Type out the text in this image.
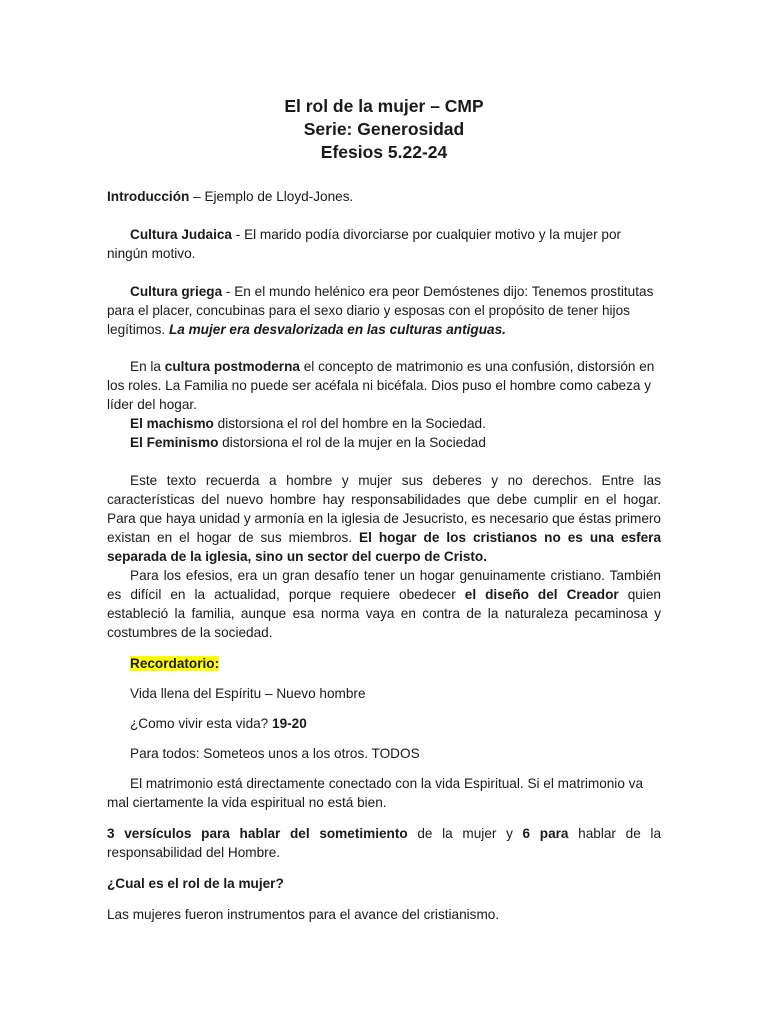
El rol de la mujer – CMP
Serie: Generosidad
Efesios 5.22-24

Introducción – Ejemplo de Lloyd-Jones.

Cultura Judaica - El marido podía divorciarse por cualquier motivo y la mujer por ningún motivo.

Cultura griega - En el mundo helénico era peor Demóstenes dijo: Tenemos prostitutas para el placer, concubinas para el sexo diario y esposas con el propósito de tener hijos legítimos. La mujer era desvalorizada en las culturas antiguas.

En la cultura postmoderna el concepto de matrimonio es una confusión, distorsión en los roles. La Familia no puede ser acéfala ni bicéfala. Dios puso el hombre como cabeza y líder del hogar.
El machismo distorsiona el rol del hombre en la Sociedad.
El Feminismo distorsiona el rol de la mujer en la Sociedad

Este texto recuerda a hombre y mujer sus deberes y no derechos. Entre las características del nuevo hombre hay responsabilidades que debe cumplir en el hogar. Para que haya unidad y armonía en la iglesia de Jesucristo, es necesario que éstas primero existan en el hogar de sus miembros. El hogar de los cristianos no es una esfera separada de la iglesia, sino un sector del cuerpo de Cristo.
Para los efesios, era un gran desafío tener un hogar genuinamente cristiano. También es difícil en la actualidad, porque requiere obedecer el diseño del Creador quien estableció la familia, aunque esa norma vaya en contra de la naturaleza pecaminosa y costumbres de la sociedad.

Recordatorio:

Vida llena del Espíritu – Nuevo hombre

¿Como vivir esta vida? 19-20

Para todos: Someteos unos a los otros. TODOS

El matrimonio está directamente conectado con la vida Espiritual. Si el matrimonio va mal ciertamente la vida espiritual no está bien.

3 versículos para hablar del sometimiento de la mujer y 6 para hablar de la responsabilidad del Hombre.

¿Cual es el rol de la mujer?

Las mujeres fueron instrumentos para el avance del cristianismo.
